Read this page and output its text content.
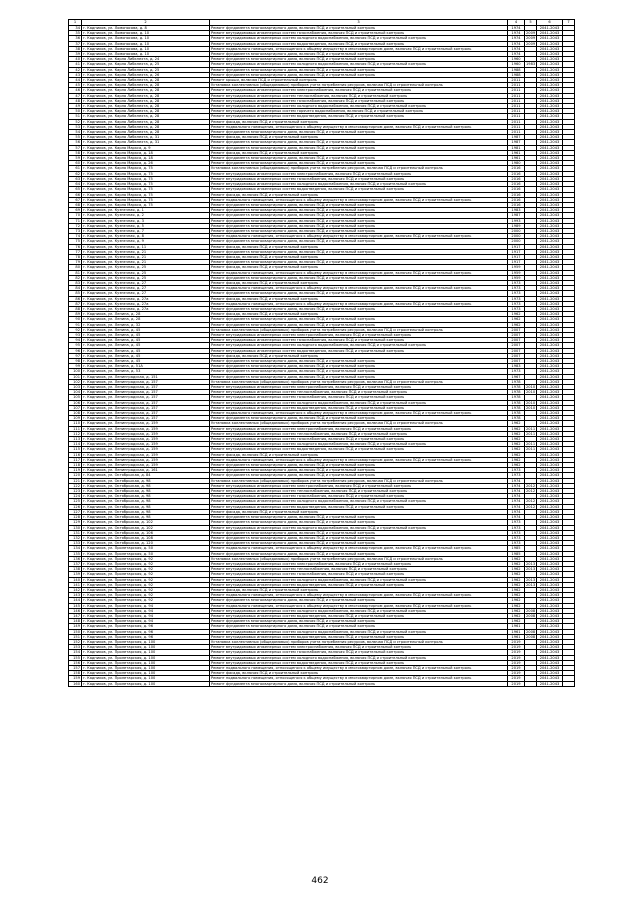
1	2	3	4	5	6	7
34	г. Кадников, ул. Ломоносова, д. 8	Ремонт фундамента многоквартирного дома, включая ПСД и строительный контроль	1974		2041-2043	
35	г. Кадников, ул. Ломоносова, д. 10	Ремонт внутридомовых инженерных систем газоснабжения, включая ПСД и строительный контроль	1974	2009	2041-2043	
36	г. Кадников, ул. Ломоносова, д. 10	Ремонт внутридомовых инженерных систем холодного водоснабжения, включая ПСД и строительный контроль	1974	2009	2041-2043	
37	г. Кадников, ул. Ломоносова, д. 10	Ремонт внутридомовых инженерных систем водоотведения, включая ПСД и строительный контроль	1974	2009	2041-2043	
38	г. Кадников, ул. Ломоносова, д. 10	Ремонт подвального помещения, относящегося к общему имуществу в многоквартирном доме, включая ПСД и строительный контроль	1974		2041-2043	
39	г. Кадников, ул. Ломоносова, д. 10	Ремонт фундамента многоквартирного дома, включая ПСД и строительный контроль	1974		2041-2043	
40	г. Кадников, ул. Карла Либкнехта, д. 24	Ремонт фундамента многоквартирного дома, включая ПСД и строительный контроль	1960		2041-2043	
41	г. Кадников, ул. Карла Либкнехта, д. 25	Ремонт внутридомовых инженерных систем холодного водоснабжения, включая ПСД и строительный контроль	1960	1983	2041-2043	
42	г. Кадников, ул. Карла Либкнехта, д. 25	Ремонт фундамента многоквартирного дома, включая ПСД и строительный контроль	1988		2041-2043	
43	г. Кадников, ул. Карла Либкнехта, д. 26	Ремонт фундамента многоквартирного дома, включая ПСД и строительный контроль	1988		2041-2043	
44	г. Кадников, ул. Карла Либкнехта, д. 28	Ремонт крыши, включая ПСД и строительный контроль	2011		2041-2043	
45	г. Кадников, ул. Карла Либкнехта, д. 28	Установка коллективных (общедомовых) приборов учета потребления ресурсов, включая ПСД и строительный контроль	2011		2041-2043	
46	г. Кадников, ул. Карла Либкнехта, д. 28	Ремонт внутридомовых инженерных систем электроснабжения, включая ПСД и строительный контроль	2011		2041-2043	
47	г. Кадников, ул. Карла Либкнехта, д. 28	Ремонт внутридомовых инженерных систем теплоснабжения, включая ПСД и строительный контроль	2011		2041-2043	
48	г. Кадников, ул. Карла Либкнехта, д. 28	Ремонт внутридомовых инженерных систем газоснабжения, включая ПСД и строительный контроль	2011		2041-2043	
49	г. Кадников, ул. Карла Либкнехта, д. 28	Ремонт внутридомовых инженерных систем холодного водоснабжения, включая ПСД и строительный контроль	2011		2041-2043	
50	г. Кадников, ул. Карла Либкнехта, д. 28	Ремонт внутридомовых инженерных систем горячего водоснабжения, включая ПСД и строительный контроль	2011		2041-2043	
51	г. Кадников, ул. Карла Либкнехта, д. 28	Ремонт внутридомовых инженерных систем водоотведения, включая ПСД и строительный контроль	2011		2041-2043	
52	г. Кадников, ул. Карла Либкнехта, д. 28	Ремонт фасада, включая ПСД и строительный контроль	2011		2041-2043	
53	г. Кадников, ул. Карла Либкнехта, д. 28	Ремонт подвального помещения, относящегося к общему имуществу в многоквартирном доме, включая ПСД и строительный контроль	2011		2041-2043	
54	г. Кадников, ул. Карла Либкнехта, д. 28	Ремонт фундамента многоквартирного дома, включая ПСД и строительный контроль	2011		2041-2043	
55	г. Кадников, ул. Карла Либкнехта, д. 31	Ремонт фасада, включая ПСД и строительный контроль	1987		2041-2043	
56	г. Кадников, ул. Карла Либкнехта, д. 31	Ремонт фундамента многоквартирного дома, включая ПСД и строительный контроль	1987		2041-2043	
57	г. Кадников, ул. Карла Маркса, д. 9	Ремонт фундамента многоквартирного дома, включая ПСД и строительный контроль	1981		2041-2043	
58	г. Кадников, ул. Карла Маркса, д. 18	Ремонт фасада, включая ПСД и строительный контроль	1961		2041-2043	
59	г. Кадников, ул. Карла Маркса, д. 18	Ремонт фундамента многоквартирного дома, включая ПСД и строительный контроль	1961		2041-2043	
60	г. Кадников, ул. Карла Маркса, д. 26	Ремонт фундамента многоквартирного дома, включая ПСД и строительный контроль	1980		2041-2043	
61	г. Кадников, ул. Карла Маркса, д. 75	Установка коллективных (общедомовых) приборов учета потребления ресурсов, включая ПСД и строительный контроль	2016		2041-2043	
62	г. Кадников, ул. Карла Маркса, д. 75	Ремонт внутридомовых инженерных систем электроснабжения, включая ПСД и строительный контроль	2016		2041-2043	
63	г. Кадников, ул. Карла Маркса, д. 75	Ремонт внутридомовых инженерных систем газоснабжения, включая ПСД и строительный контроль	2016		2041-2043	
64	г. Кадников, ул. Карла Маркса, д. 75	Ремонт внутридомовых инженерных систем холодного водоснабжения, включая ПСД и строительный контроль	2016		2041-2043	
65	г. Кадников, ул. Карла Маркса, д. 75	Ремонт внутридомовых инженерных систем водоотведения, включая ПСД и строительный контроль	2016		2041-2043	
66	г. Кадников, ул. Карла Маркса, д. 75	Ремонт фасада, включая ПСД и строительный контроль	2016		2041-2043	
67	г. Кадников, ул. Карла Маркса, д. 75	Ремонт подвального помещения, относящегося к общему имуществу в многоквартирном доме, включая ПСД и строительный контроль	2016		2041-2043	
68	г. Кадников, ул. Карла Маркса, д. 75	Ремонт фундамента многоквартирного дома, включая ПСД и строительный контроль	2016		2041-2043	
69	г. Кадников, ул. Кузнечная, д. 1	Ремонт фундамента многоквартирного дома, включая ПСД и строительный контроль	1983		2041-2043	
70	г. Кадников, ул. Кузнечная, д. 2	Ремонт фундамента многоквартирного дома, включая ПСД и строительный контроль	1987		2041-2043	
71	г. Кадников, ул. Кузнечная, д. 3	Ремонт фундамента многоквартирного дома, включая ПСД и строительный контроль	1993		2041-2043	
72	г. Кадников, ул. Кузнечная, д. 5	Ремонт фундамента многоквартирного дома, включая ПСД и строительный контроль	1989		2041-2043	
73	г. Кадников, ул. Кузнечная, д. 7	Ремонт фундамента многоквартирного дома, включая ПСД и строительный контроль	2000		2041-2043	
74	г. Кадников, ул. Кузнечная, д. 8	Ремонт подвального помещения, относящегося к общему имуществу в многоквартирном доме, включая ПСД и строительный контроль	2000		2041-2043	
75	г. Кадников, ул. Кузнечная, д. 9	Ремонт фундамента многоквартирного дома, включая ПСД и строительный контроль	2000		2041-2043	
76	г. Кадников, ул. Кузнечная, д. 11	Ремонт фасада, включая ПСД и строительный контроль	1917		2041-2043	
77	г. Кадников, ул. Кузнечная, д. 21	Ремонт фундамента многоквартирного дома, включая ПСД и строительный контроль	1917		2041-2043	
78	г. Кадников, ул. Кузнечная, д. 21	Ремонт фасада, включая ПСД и строительный контроль	1917		2041-2043	
79	г. Кадников, ул. Кузнечная, д. 21	Ремонт фундамента многоквартирного дома, включая ПСД и строительный контроль	1917		2041-2043	
80	г. Кадников, ул. Кузнечная, д. 25	Ремонт фасада, включая ПСД и строительный контроль	1959		2041-2043	
81	г. Кадников, ул. Кузнечная, д. 25	Ремонт подвального помещения, относящегося к общему имуществу в многоквартирном доме, включая ПСД и строительный контроль	1959		2041-2043	
82	г. Кадников, ул. Кузнечная, д. 25	Ремонт фундамента многоквартирного дома, включая ПСД и строительный контроль	1959		2041-2043	
83	г. Кадников, ул. Кузнечная, д. 27	Ремонт фасада, включая ПСД и строительный контроль	1973		2041-2043	
84	г. Кадников, ул. Кузнечная, д. 27	Ремонт подвального помещения, относящегося к общему имуществу в многоквартирном доме, включая ПСД и строительный контроль	1973		2041-2043	
85	г. Кадников, ул. Кузнечная, д. 27	Ремонт фундамента многоквартирного дома, включая ПСД и строительный контроль	1973		2041-2043	
86	г. Кадников, ул. Кузнечная, д. 27а	Ремонт фасада, включая ПСД и строительный контроль	1973		2041-2043	
87	г. Кадников, ул. Кузнечная, д. 27а	Ремонт подвального помещения, относящегося к общему имуществу в многоквартирном доме, включая ПСД и строительный контроль	1973		2041-2043	
88	г. Кадников, ул. Кузнечная, д. 27а	Ремонт фундамента многоквартирного дома, включая ПСД и строительный контроль	1973		2041-2043	
89	г. Кадников, ул. Ленина, д. 28	Ремонт фасада, включая ПСД и строительный контроль	1962		2041-2043	
90	г. Кадников, ул. Ленина, д. 28	Ремонт фундамента многоквартирного дома, включая ПСД и строительный контроль	1962		2041-2043	
91	г. Кадников, ул. Ленина, д. 32	Ремонт фундамента многоквартирного дома, включая ПСД и строительный контроль	1962		2041-2043	
92	г. Кадников, ул. Ленина, д. 45	Установка коллективных (общедомовых) приборов учета потребления ресурсов, включая ПСД и строительный контроль	2007		2041-2043	
93	г. Кадников, ул. Ленина, д. 45	Ремонт внутридомовых инженерных систем электроснабжения, включая ПСД и строительный контроль	2007		2041-2043	
94	г. Кадников, ул. Ленина, д. 45	Ремонт внутридомовых инженерных систем газоснабжения, включая ПСД и строительный контроль	2007		2041-2043	
95	г. Кадников, ул. Ленина, д. 45	Ремонт внутридомовых инженерных систем холодного водоснабжения, включая ПСД и строительный контроль	2007		2041-2043	
96	г. Кадников, ул. Ленина, д. 45	Ремонт внутридомовых инженерных систем водоотведения, включая ПСД и строительный контроль	2007		2041-2043	
97	г. Кадников, ул. Ленина, д. 45	Ремонт фасада, включая ПСД и строительный контроль	2007		2041-2043	
98	г. Кадников, ул. Ленина, д. 45	Ремонт фундамента многоквартирного дома, включая ПСД и строительный контроль	2007		2041-2043	
99	г. Кадников, ул. Ленина, д. 51А	Ремонт фундамента многоквартирного дома, включая ПСД и строительный контроль	1983		2041-2043	
100	г. Кадников, ул. Ленина, д. 53	Ремонт фундамента многоквартирного дома, включая ПСД и строительный контроль	1973		2041-2043	
101	г. Кадников, ул. Ленинградская, д. 151	Ремонт фундамента многоквартирного дома, включая ПСД и строительный контроль	1967		2041-2043	
102	г. Кадников, ул. Ленинградская, д. 157	Установка коллективных (общедомовых) приборов учета потребления ресурсов, включая ПСД и строительный контроль	1978		2041-2043	
103	г. Кадников, ул. Ленинградская, д. 157	Ремонт внутридомовых инженерных систем электроснабжения, включая ПСД и строительный контроль	1978	2010	2041-2043	
104	г. Кадников, ул. Ленинградская, д. 157	Ремонт внутридомовых инженерных систем теплоснабжения, включая ПСД и строительный контроль	1978	2010	2041-2043	
105	г. Кадников, ул. Ленинградская, д. 157	Ремонт внутридомовых инженерных систем газоснабжения, включая ПСД и строительный контроль	1978		2041-2043	
106	г. Кадников, ул. Ленинградская, д. 157	Ремонт внутридомовых инженерных систем холодного водоснабжения, включая ПСД и строительный контроль	1978	2010	2041-2043	
107	г. Кадников, ул. Ленинградская, д. 157	Ремонт внутридомовых инженерных систем водоотведения, включая ПСД и строительный контроль	1978	2010	2041-2043	
108	г. Кадников, ул. Ленинградская, д. 157	Ремонт подвального помещения, относящегося к общему имуществу в многоквартирном доме, включая ПСД и строительный контроль	1978		2041-2043	
109	г. Кадников, ул. Ленинградская, д. 157	Ремонт фундамента многоквартирного дома, включая ПСД и строительный контроль	1978		2041-2043	
110	г. Кадников, ул. Ленинградская, д. 159	Установка коллективных (общедомовых) приборов учета потребления ресурсов, включая ПСД и строительный контроль	1962		2041-2043	
111	г. Кадников, ул. Ленинградская, д. 159	Ремонт внутридомовых инженерных систем электроснабжения, включая ПСД и строительный контроль	1962	2011	2041-2043	
112	г. Кадников, ул. Ленинградская, д. 159	Ремонт внутридомовых инженерных систем теплоснабжения, включая ПСД и строительный контроль	1962	2011	2041-2043	
113	г. Кадников, ул. Ленинградская, д. 159	Ремонт внутридомовых инженерных систем газоснабжения, включая ПСД и строительный контроль	1962		2041-2043	
114	г. Кадников, ул. Ленинградская, д. 159	Ремонт внутридомовых инженерных систем холодного водоснабжения, включая ПСД и строительный контроль	1962	2011	2041-2043	
115	г. Кадников, ул. Ленинградская, д. 159	Ремонт внутридомовых инженерных систем водоотведения, включая ПСД и строительный контроль	1962	2011	2041-2043	
116	г. Кадников, ул. Ленинградская, д. 159	Ремонт фасада, включая ПСД и строительный контроль	1962		2041-2043	
117	г. Кадников, ул. Ленинградская, д. 159	Ремонт подвального помещения, относящегося к общему имуществу в многоквартирном доме, включая ПСД и строительный контроль	1962		2041-2043	
118	г. Кадников, ул. Ленинградская, д. 159	Ремонт фундамента многоквартирного дома, включая ПСД и строительный контроль	1962		2041-2043	
119	г. Кадников, ул. Ленинградская, д. 161	Ремонт фундамента многоквартирного дома, включая ПСД и строительный контроль	1973		2041-2043	
120	г. Кадников, ул. Октябрьская, д. 84	Ремонт фундамента многоквартирного дома, включая ПСД и строительный контроль	1973		2041-2043	
121	г. Кадников, ул. Октябрьская, д. 98	Установка коллективных (общедомовых) приборов учета потребления ресурсов, включая ПСД и строительный контроль	1974		2041-2043	
122	г. Кадников, ул. Октябрьская, д. 98	Ремонт внутридомовых инженерных систем электроснабжения, включая ПСД и строительный контроль	1974	2012	2041-2043	
123	г. Кадников, ул. Октябрьская, д. 98	Ремонт внутридомовых инженерных систем теплоснабжения, включая ПСД и строительный контроль	1974	2012	2041-2043	
124	г. Кадников, ул. Октябрьская, д. 98	Ремонт внутридомовых инженерных систем газоснабжения, включая ПСД и строительный контроль	1974		2041-2043	
125	г. Кадников, ул. Октябрьская, д. 98	Ремонт внутридомовых инженерных систем холодного водоснабжения, включая ПСД и строительный контроль	1974	2012	2041-2043	
126	г. Кадников, ул. Октябрьская, д. 98	Ремонт внутридомовых инженерных систем водоотведения, включая ПСД и строительный контроль	1974	2012	2041-2043	
127	г. Кадников, ул. Октябрьская, д. 98	Ремонт фасада, включая ПСД и строительный контроль	1974		2041-2043	
128	г. Кадников, ул. Октябрьская, д. 98	Ремонт фундамента многоквартирного дома, включая ПСД и строительный контроль	1974		2041-2043	
129	г. Кадников, ул. Октябрьская, д. 102	Ремонт фундамента многоквартирного дома, включая ПСД и строительный контроль	1973		2041-2043	
130	г. Кадников, ул. Октябрьская, д. 102	Ремонт внутридомовых инженерных систем холодного водоснабжения, включая ПСД и строительный контроль	1973		2041-2043	
131	г. Кадников, ул. Октябрьская, д. 106	Ремонт фундамента многоквартирного дома, включая ПСД и строительный контроль	1973		2041-2043	
132	г. Кадников, ул. Октябрьская, д. 108	Ремонт фундамента многоквартирного дома, включая ПСД и строительный контроль	1973		2041-2043	
133	г. Кадников, ул. Октябрьская, д. 120	Ремонт фундамента многоквартирного дома, включая ПСД и строительный контроль	1973		2041-2043	
134	г. Кадников, ул. Пролетарская, д. 50	Ремонт подвального помещения, относящегося к общему имуществу в многоквартирном доме, включая ПСД и строительный контроль	1985		2041-2043	
135	г. Кадников, ул. Пролетарская, д. 50	Ремонт фундамента многоквартирного дома, включая ПСД и строительный контроль	1985		2041-2043	
136	г. Кадников, ул. Пролетарская, д. 92	Установка коллективных (общедомовых) приборов учета потребления ресурсов, включая ПСД и строительный контроль	1962		2041-2043	
137	г. Кадников, ул. Пролетарская, д. 92	Ремонт внутридомовых инженерных систем электроснабжения, включая ПСД и строительный контроль	1962	2013	2041-2043	
138	г. Кадников, ул. Пролетарская, д. 92	Ремонт внутридомовых инженерных систем теплоснабжения, включая ПСД и строительный контроль	1962	2013	2041-2043	
139	г. Кадников, ул. Пролетарская, д. 92	Ремонт внутридомовых инженерных систем газоснабжения, включая ПСД и строительный контроль	1962		2041-2043	
140	г. Кадников, ул. Пролетарская, д. 92	Ремонт внутридомовых инженерных систем холодного водоснабжения, включая ПСД и строительный контроль	1962	2013	2041-2043	
141	г. Кадников, ул. Пролетарская, д. 92	Ремонт внутридомовых инженерных систем водоотведения, включая ПСД и строительный контроль	1962	2013	2041-2043	
142	г. Кадников, ул. Пролетарская, д. 92	Ремонт фасада, включая ПСД и строительный контроль	1962		2041-2043	
143	г. Кадников, ул. Пролетарская, д. 92	Ремонт подвального помещения, относящегося к общему имуществу в многоквартирном доме, включая ПСД и строительный контроль	1962		2041-2043	
144	г. Кадников, ул. Пролетарская, д. 92	Ремонт фундамента многоквартирного дома, включая ПСД и строительный контроль	1962		2041-2043	
145	г. Кадников, ул. Пролетарская, д. 94	Ремонт подвального помещения, относящегося к общему имуществу в многоквартирном доме, включая ПСД и строительный контроль	1962		2041-2043	
146	г. Кадников, ул. Пролетарская, д. 94	Ремонт внутридомовых инженерных систем холодного водоснабжения, включая ПСД и строительный контроль	1962	2008	2041-2043	
147	г. Кадников, ул. Пролетарская, д. 94	Ремонт внутридомовых инженерных систем водоотведения, включая ПСД и строительный контроль	1962	2008	2041-2043	
148	г. Кадников, ул. Пролетарская, д. 94	Ремонт фундамента многоквартирного дома, включая ПСД и строительный контроль	1962		2041-2043	
149	г. Кадников, ул. Пролетарская, д. 96	Ремонт фундамента многоквартирного дома, включая ПСД и строительный контроль	1961		2041-2043	
150	г. Кадников, ул. Пролетарская, д. 96	Ремонт внутридомовых инженерных систем холодного водоснабжения, включая ПСД и строительный контроль	1961	2008	2041-2043	
151	г. Кадников, ул. Пролетарская, д. 96	Ремонт внутридомовых инженерных систем водоотведения, включая ПСД и строительный контроль	1961	2008	2041-2043	
152	г. Кадников, ул. Пролетарская, д. 100	Установка коллективных (общедомовых) приборов учета потребления ресурсов, включая ПСД и строительный контроль	2019		2041-2043	
153	г. Кадников, ул. Пролетарская, д. 100	Ремонт внутридомовых инженерных систем электроснабжения, включая ПСД и строительный контроль	2019		2041-2043	
154	г. Кадников, ул. Пролетарская, д. 100	Ремонт внутридомовых инженерных систем газоснабжения, включая ПСД и строительный контроль	2019		2041-2043	
155	г. Кадников, ул. Пролетарская, д. 100	Ремонт внутридомовых инженерных систем холодного водоснабжения, включая ПСД и строительный контроль	2019		2041-2043	
156	г. Кадников, ул. Пролетарская, д. 100	Ремонт внутридомовых инженерных систем водоотведения, включая ПСД и строительный контроль	2019		2041-2043	
157	г. Кадников, ул. Пролетарская, д. 100	Ремонт подвального помещения, относящегося к общему имуществу в многоквартирном доме, включая ПСД и строительный контроль	2019		2041-2043	
158	г. Кадников, ул. Пролетарская, д. 100	Ремонт фасада, включая ПСД и строительный контроль	2019		2041-2043	
159	г. Кадников, ул. Пролетарская, д. 100	Ремонт подвального помещения, относящегося к общему имуществу в многоквартирном доме, включая ПСД и строительный контроль	2019		2041-2043	
160	г. Кадников, ул. Пролетарская, д. 100	Ремонт фундамента многоквартирного дома, включая ПСД и строительный контроль	2019		2041-2043	
462
